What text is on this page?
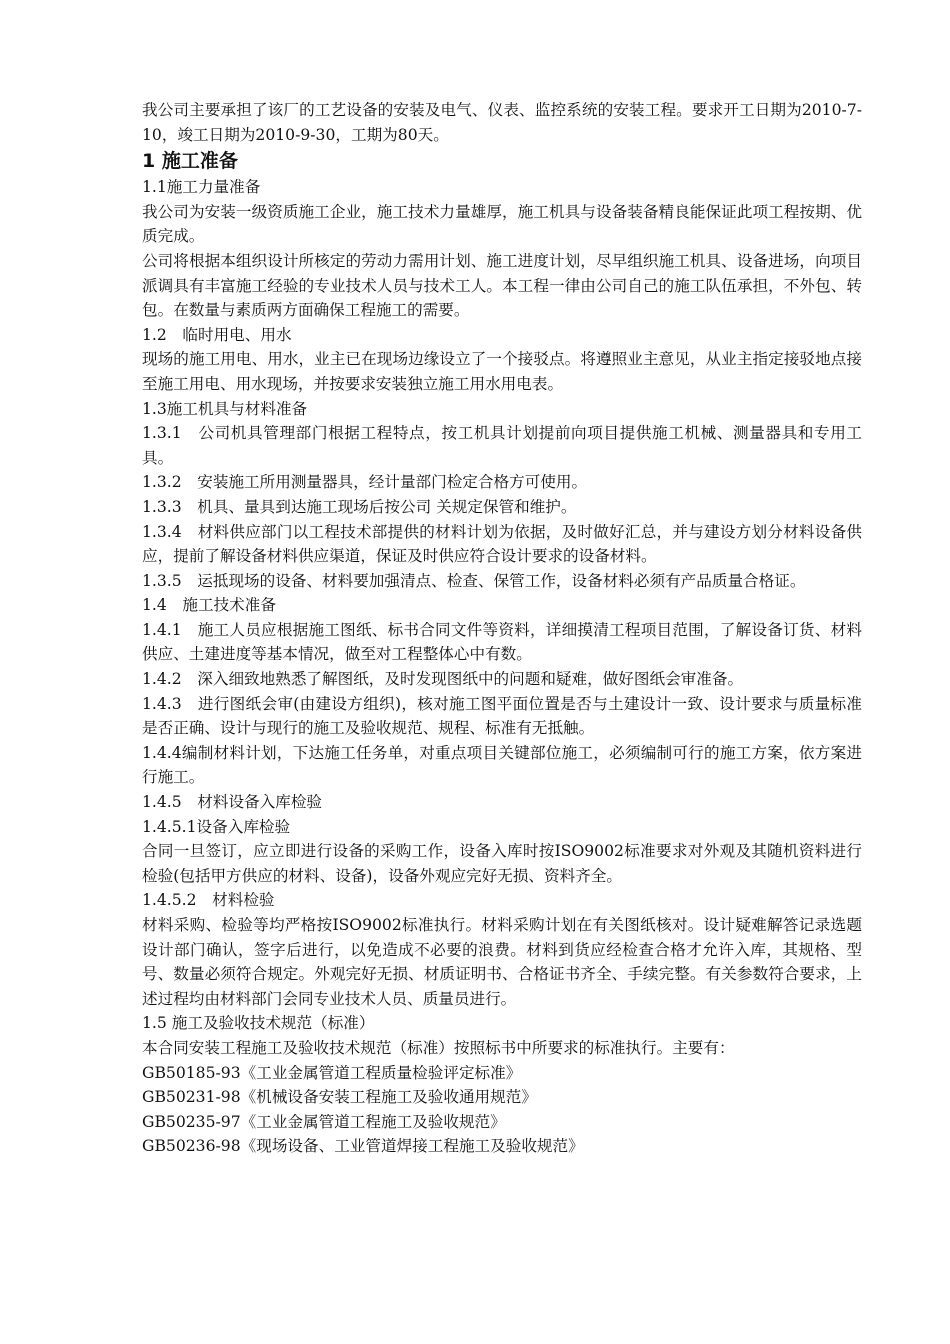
我公司主要承担了该厂的工艺设备的安装及电气、仪表、监控系统的安装工程。要求开工日期为2010-7-10，竣工日期为2010-9-30，工期为80天。

1 施工准备

1.1施工力量准备

我公司为安装一级资质施工企业，施工技术力量雄厚，施工机具与设备装备精良能保证此项工程按期、优质完成。

公司将根据本组织设计所核定的劳动力需用计划、施工进度计划，尽早组织施工机具、设备进场，向项目派调具有丰富施工经验的专业技术人员与技术工人。本工程一律由公司自己的施工队伍承担，不外包、转包。在数量与素质两方面确保工程施工的需要。

1.2　临时用电、用水

现场的施工用电、用水，业主已在现场边缘设立了一个接驳点。将遵照业主意见，从业主指定接驳地点接至施工用电、用水现场，并按要求安装独立施工用水用电表。

1.3施工机具与材料准备

1.3.1　公司机具管理部门根据工程特点，按工机具计划提前向项目提供施工机械、测量器具和专用工具。

1.3.2　安装施工所用测量器具，经计量部门检定合格方可使用。

1.3.3　机具、量具到达施工现场后按公司 关规定保管和维护。

1.3.4　材料供应部门以工程技术部提供的材料计划为依据，及时做好汇总，并与建设方划分材料设备供应，提前了解设备材料供应渠道，保证及时供应符合设计要求的设备材料。

1.3.5　运抵现场的设备、材料要加强清点、检查、保管工作，设备材料必须有产品质量合格证。

1.4　施工技术准备

1.4.1　施工人员应根据施工图纸、标书合同文件等资料，详细摸清工程项目范围，了解设备订货、材料供应、土建进度等基本情况，做至对工程整体心中有数。

1.4.2　深入细致地熟悉了解图纸，及时发现图纸中的问题和疑难，做好图纸会审准备。

1.4.3　进行图纸会审(由建设方组织)，核对施工图平面位置是否与土建设计一致、设计要求与质量标准是否正确、设计与现行的施工及验收规范、规程、标准有无抵触。

1.4.4编制材料计划，下达施工任务单，对重点项目关键部位施工，必须编制可行的施工方案，依方案进行施工。

1.4.5　材料设备入库检验

1.4.5.1设备入库检验

合同一旦签订，应立即进行设备的采购工作，设备入库时按ISO9002标准要求对外观及其随机资料进行检验(包括甲方供应的材料、设备)，设备外观应完好无损、资料齐全。

1.4.5.2　材料检验

材料采购、检验等均严格按ISO9002标准执行。材料采购计划在有关图纸核对。设计疑难解答记录选题设计部门确认，签字后进行，以免造成不必要的浪费。材料到货应经检查合格才允许入库，其规格、型号、数量必须符合规定。外观完好无损、材质证明书、合格证书齐全、手续完整。有关参数符合要求，上述过程均由材料部门会同专业技术人员、质量员进行。

1.5 施工及验收技术规范（标准）

本合同安装工程施工及验收技术规范（标准）按照标书中所要求的标准执行。主要有：

GB50185-93《工业金属管道工程质量检验评定标准》

GB50231-98《机械设备安装工程施工及验收通用规范》

GB50235-97《工业金属管道工程施工及验收规范》

GB50236-98《现场设备、工业管道焊接工程施工及验收规范》
